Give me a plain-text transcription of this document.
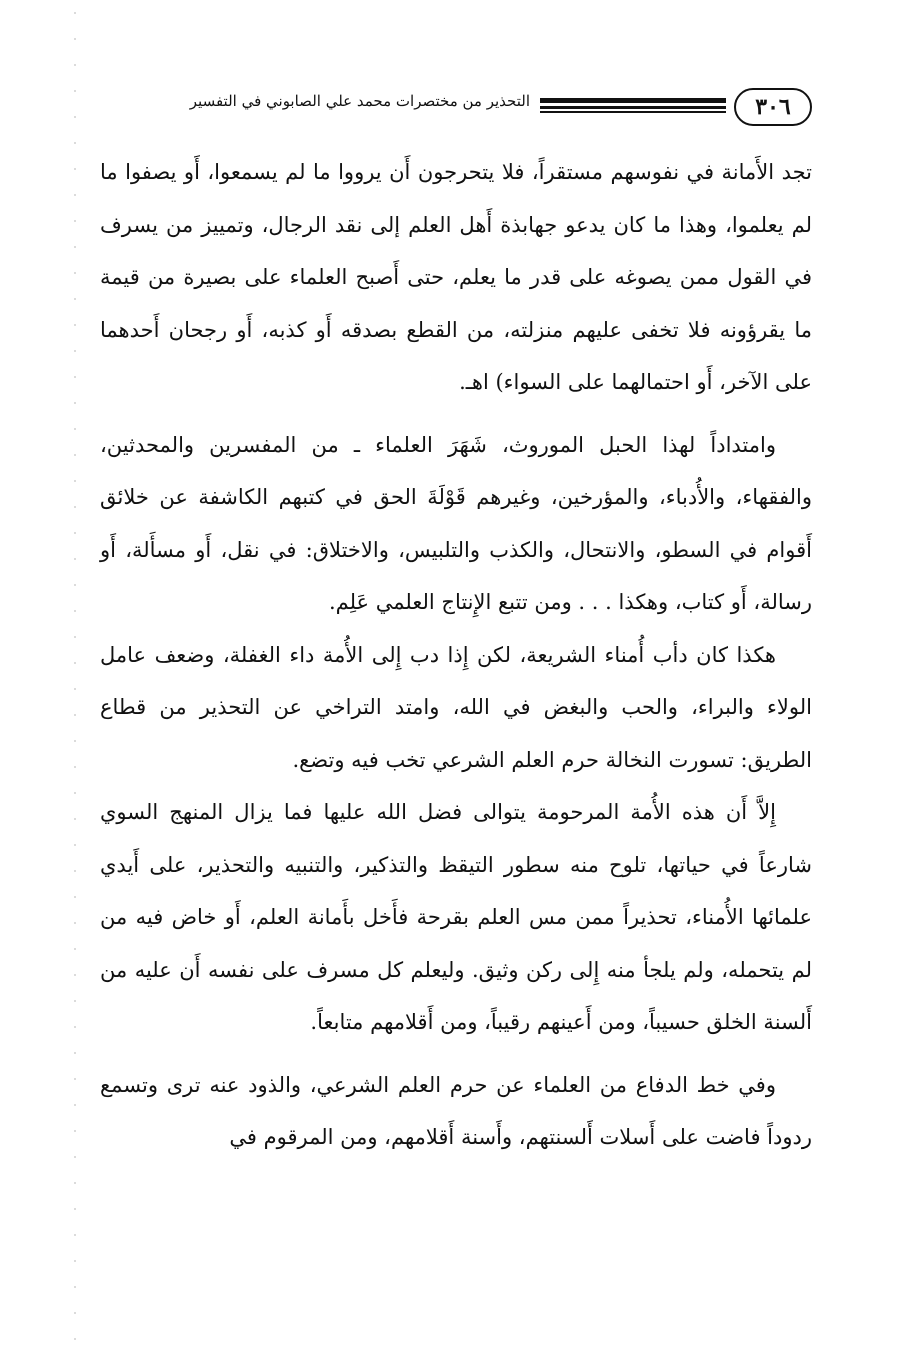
٣٠٦
التحذير من مختصرات محمد علي الصابوني في التفسير

تجد الأَمانة في نفوسهم مستقراً، فلا يتحرجون أَن يرووا ما لم يسمعوا، أَو يصفوا ما لم يعلموا، وهذا ما كان يدعو جهابذة أَهل العلم إلى نقد الرجال، وتمييز من يسرف في القول ممن يصوغه على قدر ما يعلم، حتى أَصبح العلماء على بصيرة من قيمة ما يقرؤونه فلا تخفى عليهم منزلته، من القطع بصدقه أَو كذبه، أَو رجحان أَحدهما على الآخر، أَو احتمالهما على السواء) اهـ.

وامتداداً لهذا الحبل الموروث، شَهَرَ العلماء ـ من المفسرين والمحدثين، والفقهاء، والأُدباء، والمؤرخين، وغيرهم قَوْلَةَ الحق في كتبهم الكاشفة عن خلائق أَقوام في السطو، والانتحال، والكذب والتلبيس، والاختلاق: في نقل، أَو مسأَلة، أَو رسالة، أَو كتاب، وهكذا . . . ومن تتبع الإِنتاج العلمي عَلِم.

هكذا كان دأب أُمناء الشريعة، لكن إِذا دب إِلى الأُمة داء الغفلة، وضعف عامل الولاء والبراء، والحب والبغض في الله، وامتد التراخي عن التحذير من قطاع الطريق: تسورت النخالة حرم العلم الشرعي تخب فيه وتضع.

إِلاَّ أَن هذه الأُمة المرحومة يتوالى فضل الله عليها فما يزال المنهج السوي شارعاً في حياتها، تلوح منه سطور التيقظ والتذكير، والتنبيه والتحذير، على أَيدي علمائها الأُمناء، تحذيراً ممن مس العلم بقرحة فأَخل بأَمانة العلم، أَو خاض فيه من لم يتحمله، ولم يلجأ منه إِلى ركن وثيق. وليعلم كل مسرف على نفسه أَن عليه من أَلسنة الخلق حسيباً، ومن أَعينهم رقيباً، ومن أَقلامهم متابعاً.

وفي خط الدفاع من العلماء عن حرم العلم الشرعي، والذود عنه ترى وتسمع ردوداً فاضت على أَسلات أَلسنتهم، وأَسنة أَقلامهم، ومن المرقوم في
